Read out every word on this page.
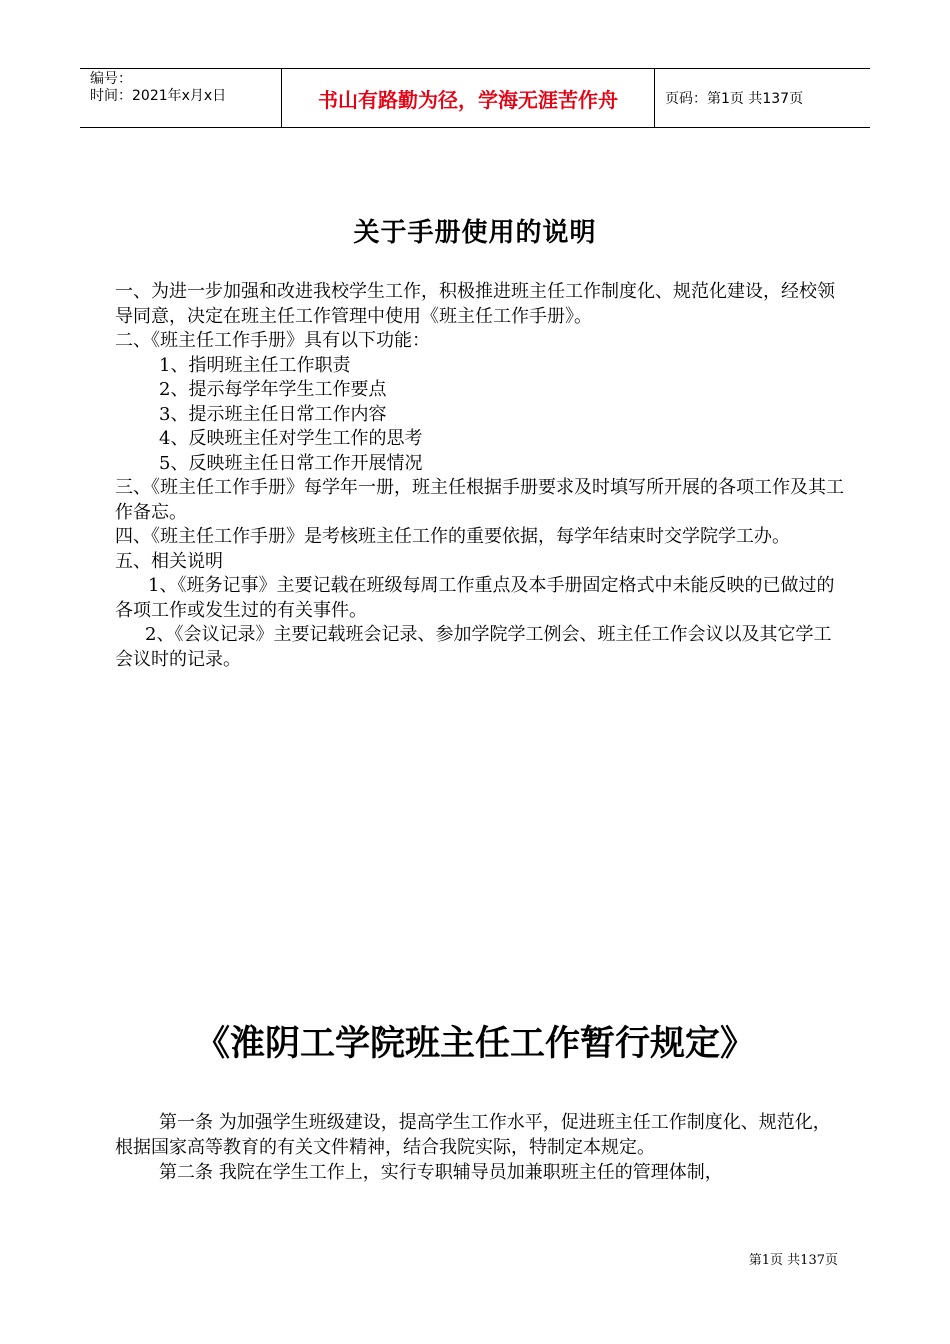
编号：
时间：2021年x月x日	书山有路勤为径，学海无涯苦作舟	页码：第1页 共137页
关于手册使用的说明

一、为进一步加强和改进我校学生工作，积极推进班主任工作制度化、规范化建设，经校领导同意，决定在班主任工作管理中使用《班主任工作手册》。

二、《班主任工作手册》具有以下功能：

1、指明班主任工作职责

2、提示每学年学生工作要点

3、提示班主任日常工作内容

4、反映班主任对学生工作的思考

5、反映班主任日常工作开展情况

三、《班主任工作手册》每学年一册，班主任根据手册要求及时填写所开展的各项工作及其工作备忘。

四、《班主任工作手册》是考核班主任工作的重要依据，每学年结束时交学院学工办。

五、相关说明

1、《班务记事》主要记载在班级每周工作重点及本手册固定格式中未能反映的已做过的各项工作或发生过的有关事件。

2、《会议记录》主要记载班会记录、参加学院学工例会、班主任工作会议以及其它学工会议时的记录。

《淮阴工学院班主任工作暂行规定》

第一条 为加强学生班级建设，提高学生工作水平，促进班主任工作制度化、规范化，根据国家高等教育的有关文件精神，结合我院实际，特制定本规定。

第二条 我院在学生工作上，实行专职辅导员加兼职班主任的管理体制，

第1页 共137页
